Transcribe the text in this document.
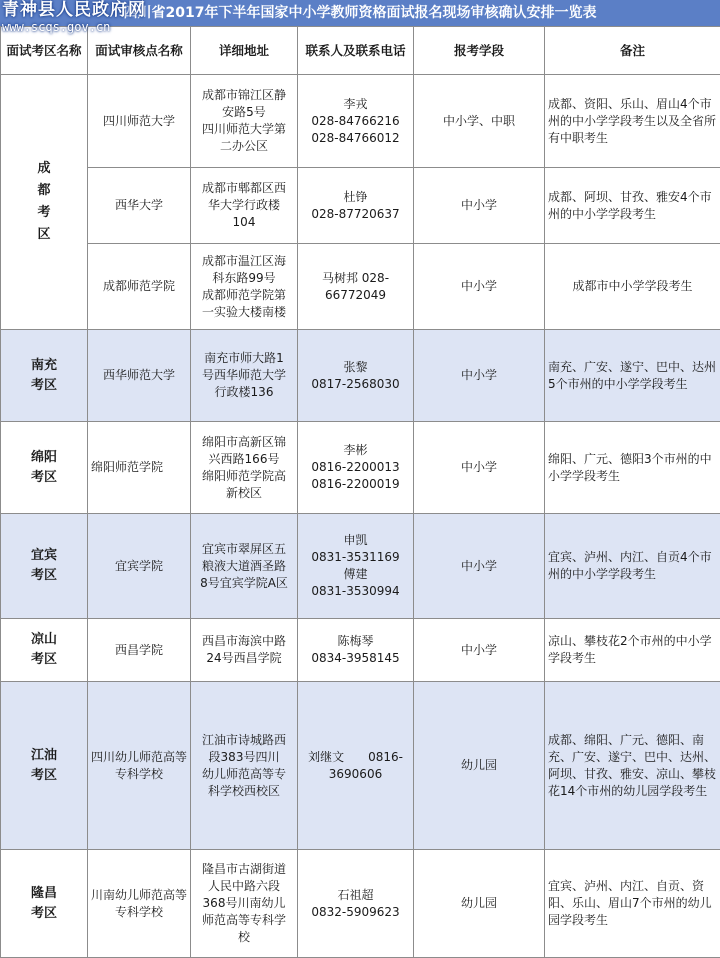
四川省2017年下半年国家中小学教师资格面试报名现场审核确认安排一览表
青神县人民政府网
www.scqs.gov.cn
面试考区名称	面试审核点名称	详细地址	联系人及联系电话	报考学段	备注
成都考区	四川师范大学	成都市锦江区静
安路5号
四川师范大学第
二办公区	李戎
028-84766216
028-84766012	中小学、中职	成都、资阳、乐山、眉山4个市州的中小学学段考生以及全省所有中职考生
	西华大学	成都市郫都区西
华大学行政楼
104	杜铮
028-87720637	中小学	成都、阿坝、甘孜、雅安4个市州的中小学学段考生
	成都师范学院	成都市温江区海
科东路99号
成都师范学院第
一实验大楼南楼	马树邦 028-
66772049	中小学	成都市中小学学段考生
南充考区	西华师范大学	南充市师大路1
号西华师范大学
行政楼136	张黎
0817-2568030	中小学	南充、广安、遂宁、巴中、达州5个市州的中小学学段考生
绵阳考区	绵阳师范学院	绵阳市高新区锦
兴西路166号
绵阳师范学院高
新校区	李彬
0816-2200013
0816-2200019	中小学	绵阳、广元、德阳3个市州的中小学学段考生
宜宾考区	宜宾学院	宜宾市翠屏区五
粮液大道酒圣路
8号宜宾学院A区	申凯
0831-3531169
傅建
0831-3530994	中小学	宜宾、泸州、内江、自贡4个市州的中小学学段考生
凉山考区	西昌学院	西昌市海滨中路
24号西昌学院	陈梅琴
0834-3958145	中小学	凉山、攀枝花2个市州的中小学学段考生
江油考区	四川幼儿师范高等专科学校	江油市诗城路西
段383号四川
幼儿师范高等专
科学校西校区	刘继文　　0816-
3690606	幼儿园	成都、绵阳、广元、德阳、南充、广安、遂宁、巴中、达州、阿坝、甘孜、雅安、凉山、攀枝花14个市州的幼儿园学段考生
隆昌考区	川南幼儿师范高等专科学校	隆昌市古湖街道
人民中路六段
368号川南幼儿
师范高等专科学
校	石祖超
0832-5909623	幼儿园	宜宾、泸州、内江、自贡、资阳、乐山、眉山7个市州的幼儿园学段考生
